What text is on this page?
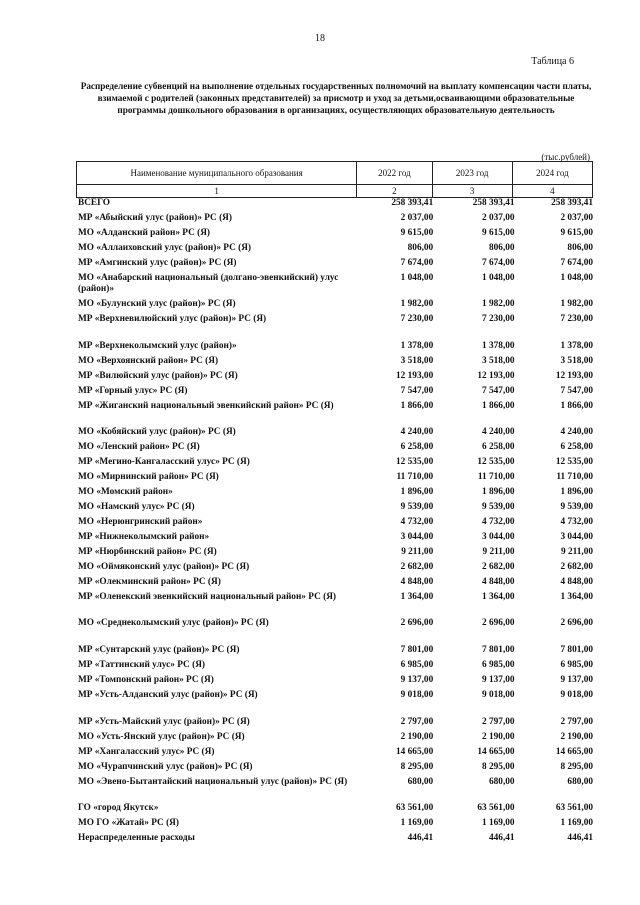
18
Таблица 6
Распределение субвенций на выполнение отдельных государственных полномочий на выплату компенсации части платы, взимаемой с родителей (законных представителей) за присмотр и уход за детьми,осваивающими образовательные программы дошкольного образования в организациях, осуществляющих образовательную деятельность
(тыс.рублей)
Наименование муниципального образования	2022 год	2023 год	2024 год
1	2	3	4
ВСЕГО	258 393,41	258 393,41	258 393,41
МР «Абыйский улус (район)» РС (Я)	2 037,00	2 037,00	2 037,00
МО «Алданский район» РС (Я)	9 615,00	9 615,00	9 615,00
МО «Аллаиховский улус (район)» РС (Я)	806,00	806,00	806,00
МР «Амгинский улус (район)» РС (Я)	7 674,00	7 674,00	7 674,00
МО «Анабарский национальный (долгано-эвенкийский) улус (район)»	1 048,00	1 048,00	1 048,00
МО «Булунский улус (район)» РС (Я)	1 982,00	1 982,00	1 982,00
МР «Верхневилюйский улус (район)» РС (Я)	7 230,00	7 230,00	7 230,00

МР «Верхнеколымский улус (район)»	1 378,00	1 378,00	1 378,00
МО «Верхоянский район» РС (Я)	3 518,00	3 518,00	3 518,00
МР «Вилюйский улус (район)» РС (Я)	12 193,00	12 193,00	12 193,00
МР «Горный улус» РС (Я)	7 547,00	7 547,00	7 547,00
МР «Жиганский национальный эвенкийский район» РС (Я)	1 866,00	1 866,00	1 866,00
МО «Кобяйский улус (район)» РС (Я)	4 240,00	4 240,00	4 240,00
МО «Ленский район» РС (Я)	6 258,00	6 258,00	6 258,00
МР «Мегино-Кангаласский улус» РС (Я)	12 535,00	12 535,00	12 535,00
МО «Мирнинский район» РС (Я)	11 710,00	11 710,00	11 710,00
МО «Момский район»	1 896,00	1 896,00	1 896,00
МО «Намский улус» РС (Я)	9 539,00	9 539,00	9 539,00
МО «Нерюнгринский район»	4 732,00	4 732,00	4 732,00
МР «Нижнеколымский район»	3 044,00	3 044,00	3 044,00
МР «Нюрбинский район» РС (Я)	9 211,00	9 211,00	9 211,00
МО «Оймяконский улус (район)» РС (Я)	2 682,00	2 682,00	2 682,00
МР «Олекминский район» РС (Я)	4 848,00	4 848,00	4 848,00
МР «Оленекский эвенкийский национальный район» РС (Я)	1 364,00	1 364,00	1 364,00
МО «Среднеколымский улус (район)» РС (Я)	2 696,00	2 696,00	2 696,00

МР «Сунтарский улус (район)» РС (Я)	7 801,00	7 801,00	7 801,00
МР «Таттинский улус» РС (Я)	6 985,00	6 985,00	6 985,00
МР «Томпонский район» РС (Я)	9 137,00	9 137,00	9 137,00
МР «Усть-Алданский улус (район)» РС (Я)	9 018,00	9 018,00	9 018,00

МР «Усть-Майский улус (район)» РС (Я)	2 797,00	2 797,00	2 797,00
МО «Усть-Янский улус (район)» РС (Я)	2 190,00	2 190,00	2 190,00
МР «Хангаласский улус» РС (Я)	14 665,00	14 665,00	14 665,00
МО «Чурапчинский улус (район)» РС (Я)	8 295,00	8 295,00	8 295,00
МО «Эвено-Бытантайский национальный улус (район)» РС (Я)	680,00	680,00	680,00
ГО «город Якутск»	63 561,00	63 561,00	63 561,00
МО ГО «Жатай» РС (Я)	1 169,00	1 169,00	1 169,00
Нераспределенные расходы	446,41	446,41	446,41
